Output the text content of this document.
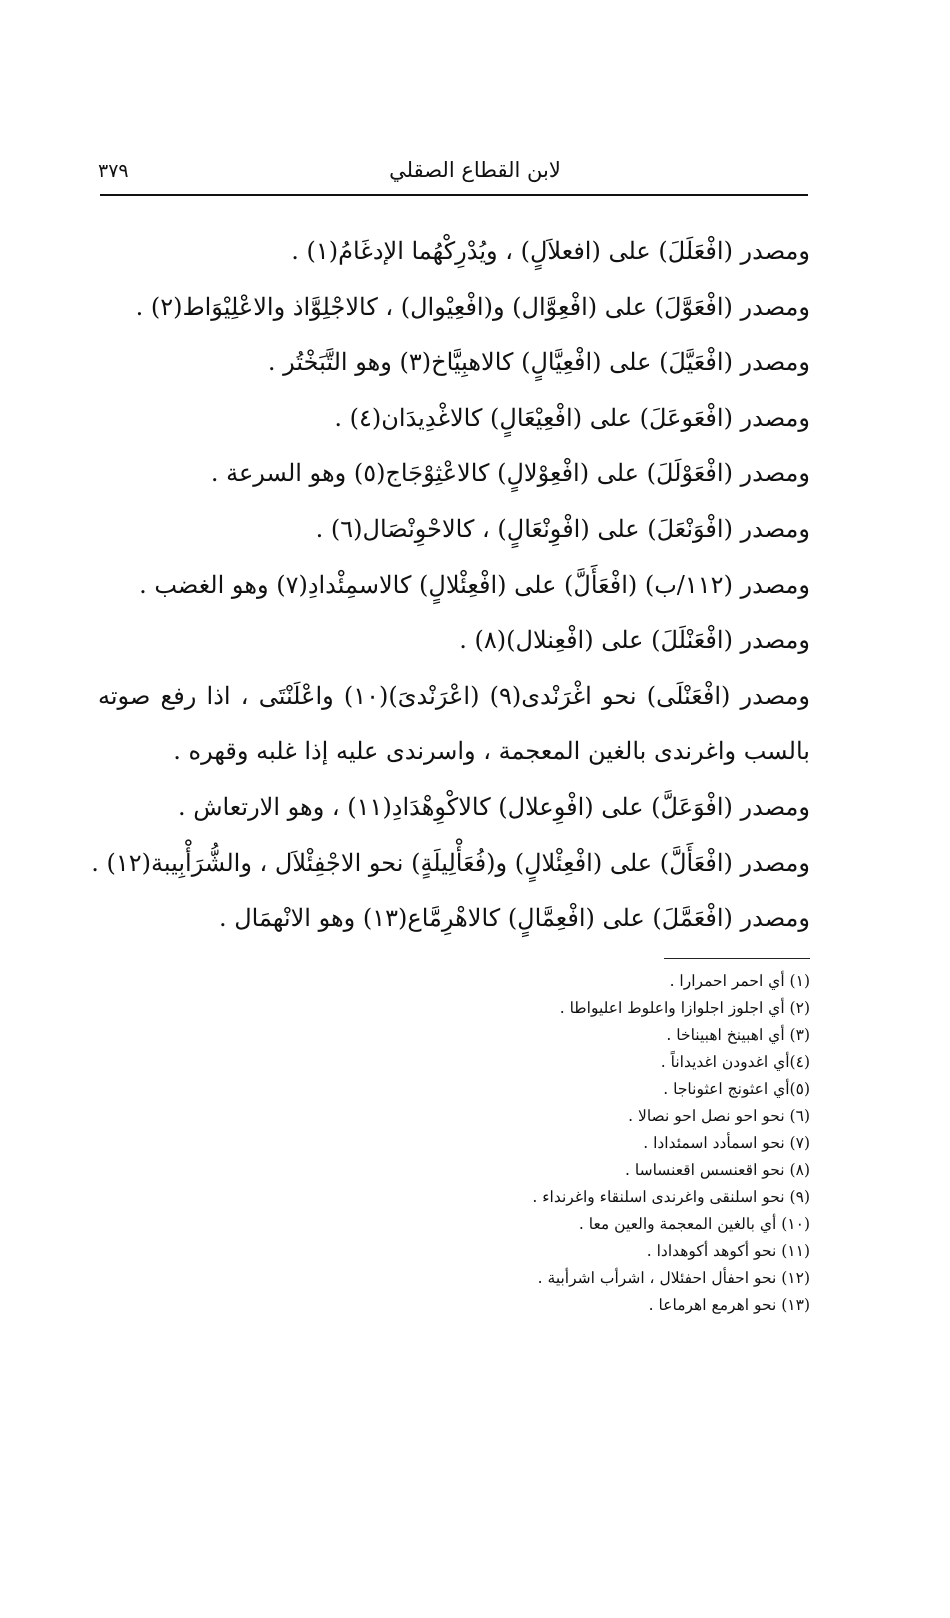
٣٧٩	لابن القطاع الصقلي
ومصدر (افْعَلَلَ) على (افعلاَلٍ) ، ويُدْرِكْهُما الإدغَامُ(١) .
ومصدر (افْعَوَّلَ) على (افْعِوَّال) و(افْعِيْوال) ، كالاجْلِوَّاذ والاعْلِيْوَاط(٢) .
ومصدر (افْعَيَّلَ) على (افْعِيَّالٍ) كالاهبِيَّاخ(٣) وهو التَّبَخْتُر .
ومصدر (افْعَوعَلَ) على (افْعِيْعَالٍ) كالاغْدِيدَان(٤) .
ومصدر (افْعَوْلَلَ) على (افْعِوْلالٍ) كالاعْثِوْجَاج(٥) وهو السرعة .
ومصدر (افْوَنْعَلَ) على (افْوِنْعَالٍ) ، كالاحْوِنْصَال(٦) .
ومصدر (١١٢/ب) (افْعَأَلَّ) على (افْعِئْلالٍ) كالاسمِئْدادِ(٧) وهو الغضب .
ومصدر (افْعَنْلَلَ) على (افْعِنلال)(٨) .
ومصدر (افْعَنْلَى) نحو اغْرَنْدى(٩) (اعْرَنْدىَ)(١٠) واعْلَنْتَى ، اذا رفع صوته بالسب واغرندى بالغين المعجمة ، واسرندى عليه إذا غلبه وقهره .
ومصدر (افْوَعَلَّ) على (افْوِعلال) كالاكْوِهْدَادِ(١١) ، وهو الارتعاش .
ومصدر (افْعَأَلَّ) على (افْعِئْلالٍ) و(فُعَأْلِيلَةٍ) نحو الاجْفِئْلاَل ، والشُّرَأْبِيبة(١٢) .
ومصدر (افْعَمَّلَ) على (افْعِمَّالٍ) كالاهْرِمَّاع(١٣) وهو الانْهمَال .
(١) أي احمر احمرارا .
(٢) أي اجلوز اجلوازا واعلوط اعليواطا .
(٣) أي اهبينخ اهبيناخا .
(٤)أي اغدودن اغديداناً .
(٥)أي اعثونج اعثوناجا .
(٦) نحو احو نصل احو نصالا .
(٧) نحو اسمأدد اسمئدادا .
(٨) نحو اقعنسس اقعنساسا .
(٩) نحو اسلنقى واغرندى اسلنقاء واغرنداء .
(١٠) أي بالغين المعجمة والعين معا .
(١١) نحو أكوهد أكوهدادا .
(١٢) نحو احفأل احفئلال ، اشرأب اشرأبية .
(١٣) نحو اهرمع اهرماعا .
